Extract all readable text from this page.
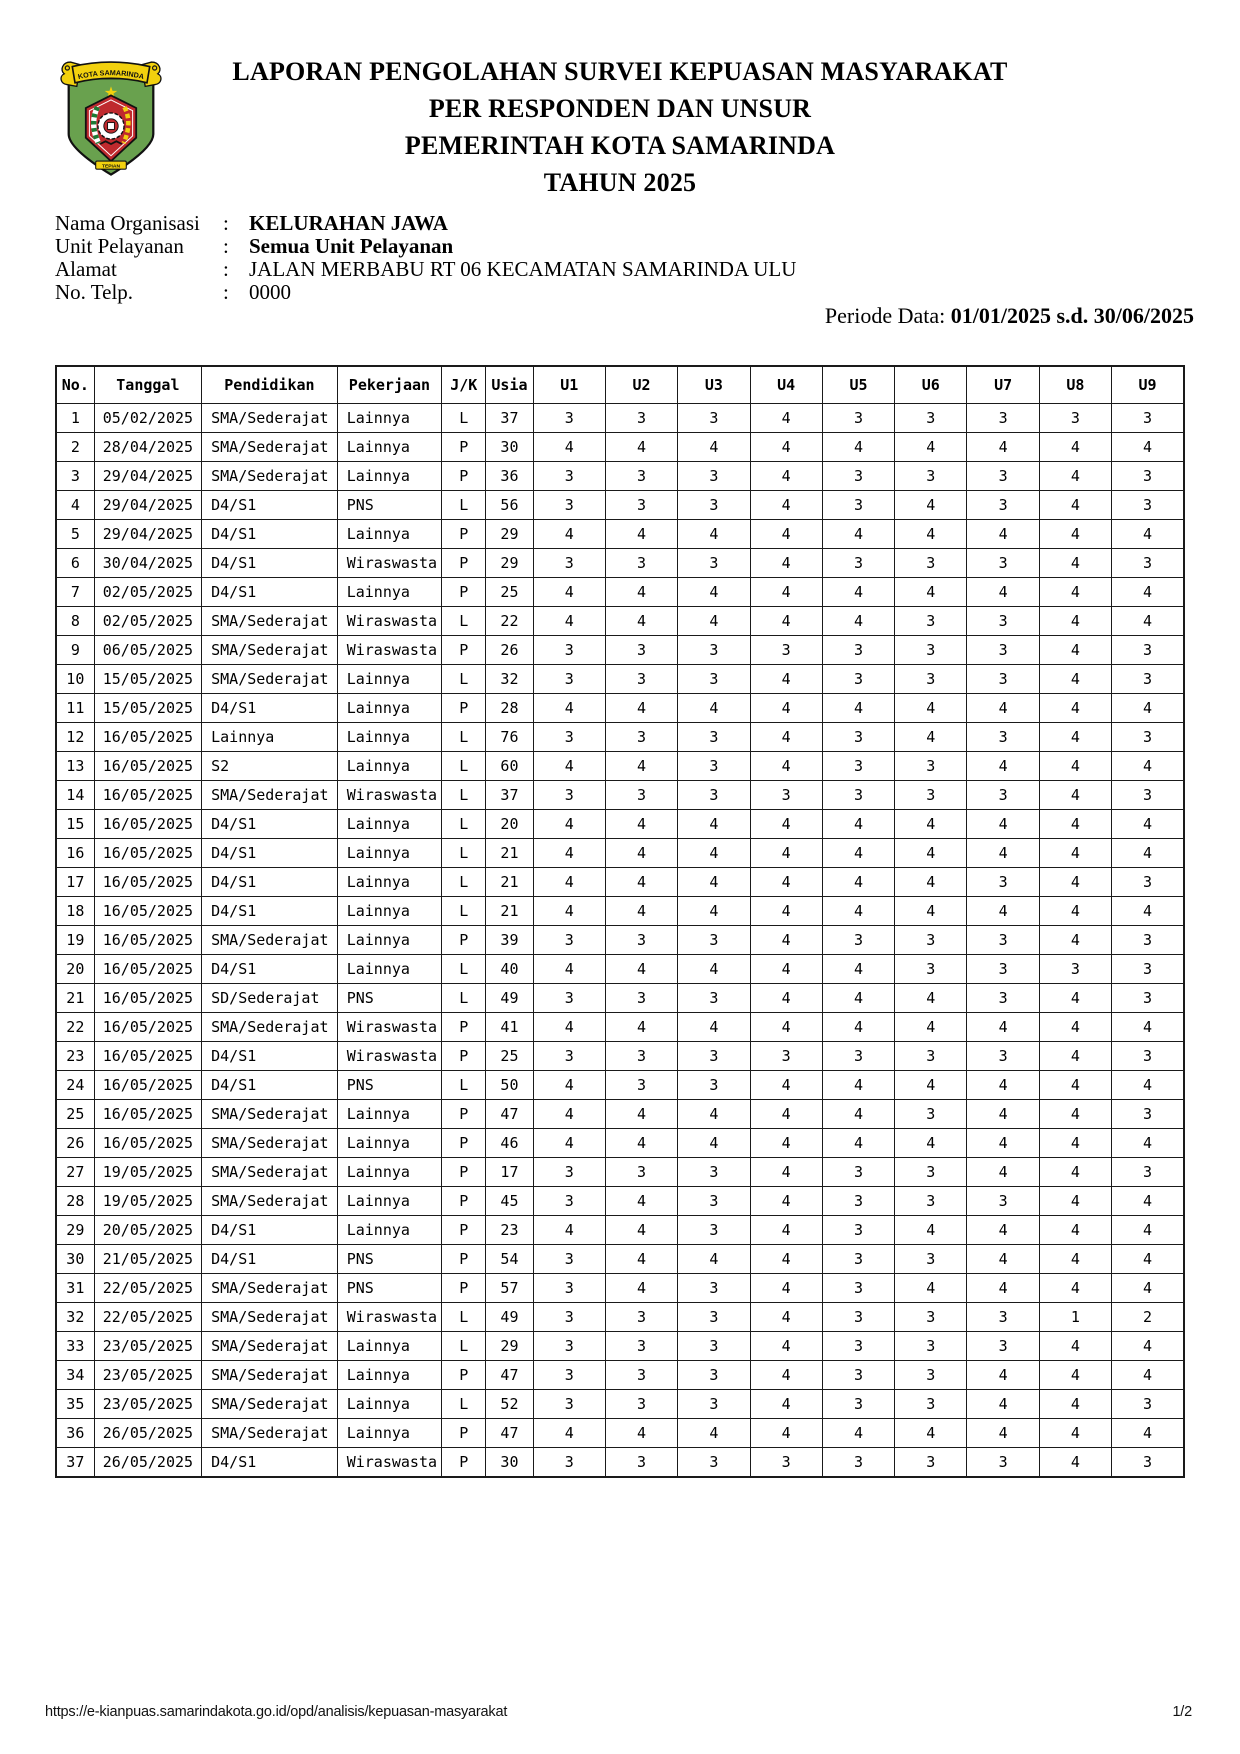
KOTA SAMARINDA
TEPIAN
LAPORAN PENGOLAHAN SURVEI KEPUASAN MASYARAKAT
PER RESPONDEN DAN UNSUR
PEMERINTAH KOTA SAMARINDA
TAHUN 2025
Nama Organisasi	: KELURAHAN JAWA
Unit Pelayanan	: Semua Unit Pelayanan
Alamat	: JALAN MERBABU RT 06 KECAMATAN SAMARINDA ULU
No. Telp.	: 0000
Periode Data: 01/01/2025 s.d. 30/06/2025
No.	Tanggal	Pendidikan	Pekerjaan	J/K	Usia	U1	U2	U3	U4	U5	U6	U7	U8	U9
1	05/02/2025	SMA/Sederajat	Lainnya	L	37	3	3	3	4	3	3	3	3	3
2	28/04/2025	SMA/Sederajat	Lainnya	P	30	4	4	4	4	4	4	4	4	4
3	29/04/2025	SMA/Sederajat	Lainnya	P	36	3	3	3	4	3	3	3	4	3
4	29/04/2025	D4/S1	PNS	L	56	3	3	3	4	3	4	3	4	3
5	29/04/2025	D4/S1	Lainnya	P	29	4	4	4	4	4	4	4	4	4
6	30/04/2025	D4/S1	Wiraswasta	P	29	3	3	3	4	3	3	3	4	3
7	02/05/2025	D4/S1	Lainnya	P	25	4	4	4	4	4	4	4	4	4
8	02/05/2025	SMA/Sederajat	Wiraswasta	L	22	4	4	4	4	4	3	3	4	4
9	06/05/2025	SMA/Sederajat	Wiraswasta	P	26	3	3	3	3	3	3	3	4	3
10	15/05/2025	SMA/Sederajat	Lainnya	L	32	3	3	3	4	3	3	3	4	3
11	15/05/2025	D4/S1	Lainnya	P	28	4	4	4	4	4	4	4	4	4
12	16/05/2025	Lainnya	Lainnya	L	76	3	3	3	4	3	4	3	4	3
13	16/05/2025	S2	Lainnya	L	60	4	4	3	4	3	3	4	4	4
14	16/05/2025	SMA/Sederajat	Wiraswasta	L	37	3	3	3	3	3	3	3	4	3
15	16/05/2025	D4/S1	Lainnya	L	20	4	4	4	4	4	4	4	4	4
16	16/05/2025	D4/S1	Lainnya	L	21	4	4	4	4	4	4	4	4	4
17	16/05/2025	D4/S1	Lainnya	L	21	4	4	4	4	4	4	3	4	3
18	16/05/2025	D4/S1	Lainnya	L	21	4	4	4	4	4	4	4	4	4
19	16/05/2025	SMA/Sederajat	Lainnya	P	39	3	3	3	4	3	3	3	4	3
20	16/05/2025	D4/S1	Lainnya	L	40	4	4	4	4	4	3	3	3	3
21	16/05/2025	SD/Sederajat	PNS	L	49	3	3	3	4	4	4	3	4	3
22	16/05/2025	SMA/Sederajat	Wiraswasta	P	41	4	4	4	4	4	4	4	4	4
23	16/05/2025	D4/S1	Wiraswasta	P	25	3	3	3	3	3	3	3	4	3
24	16/05/2025	D4/S1	PNS	L	50	4	3	3	4	4	4	4	4	4
25	16/05/2025	SMA/Sederajat	Lainnya	P	47	4	4	4	4	4	3	4	4	3
26	16/05/2025	SMA/Sederajat	Lainnya	P	46	4	4	4	4	4	4	4	4	4
27	19/05/2025	SMA/Sederajat	Lainnya	P	17	3	3	3	4	3	3	4	4	3
28	19/05/2025	SMA/Sederajat	Lainnya	P	45	3	4	3	4	3	3	3	4	4
29	20/05/2025	D4/S1	Lainnya	P	23	4	4	3	4	3	4	4	4	4
30	21/05/2025	D4/S1	PNS	P	54	3	4	4	4	3	3	4	4	4
31	22/05/2025	SMA/Sederajat	PNS	P	57	3	4	3	4	3	4	4	4	4
32	22/05/2025	SMA/Sederajat	Wiraswasta	L	49	3	3	3	4	3	3	3	1	2
33	23/05/2025	SMA/Sederajat	Lainnya	L	29	3	3	3	4	3	3	3	4	4
34	23/05/2025	SMA/Sederajat	Lainnya	P	47	3	3	3	4	3	3	4	4	4
35	23/05/2025	SMA/Sederajat	Lainnya	L	52	3	3	3	4	3	3	4	4	3
36	26/05/2025	SMA/Sederajat	Lainnya	P	47	4	4	4	4	4	4	4	4	4
37	26/05/2025	D4/S1	Wiraswasta	P	30	3	3	3	3	3	3	3	4	3
https://e-kianpuas.samarindakota.go.id/opd/analisis/kepuasan-masyarakat	1/2
